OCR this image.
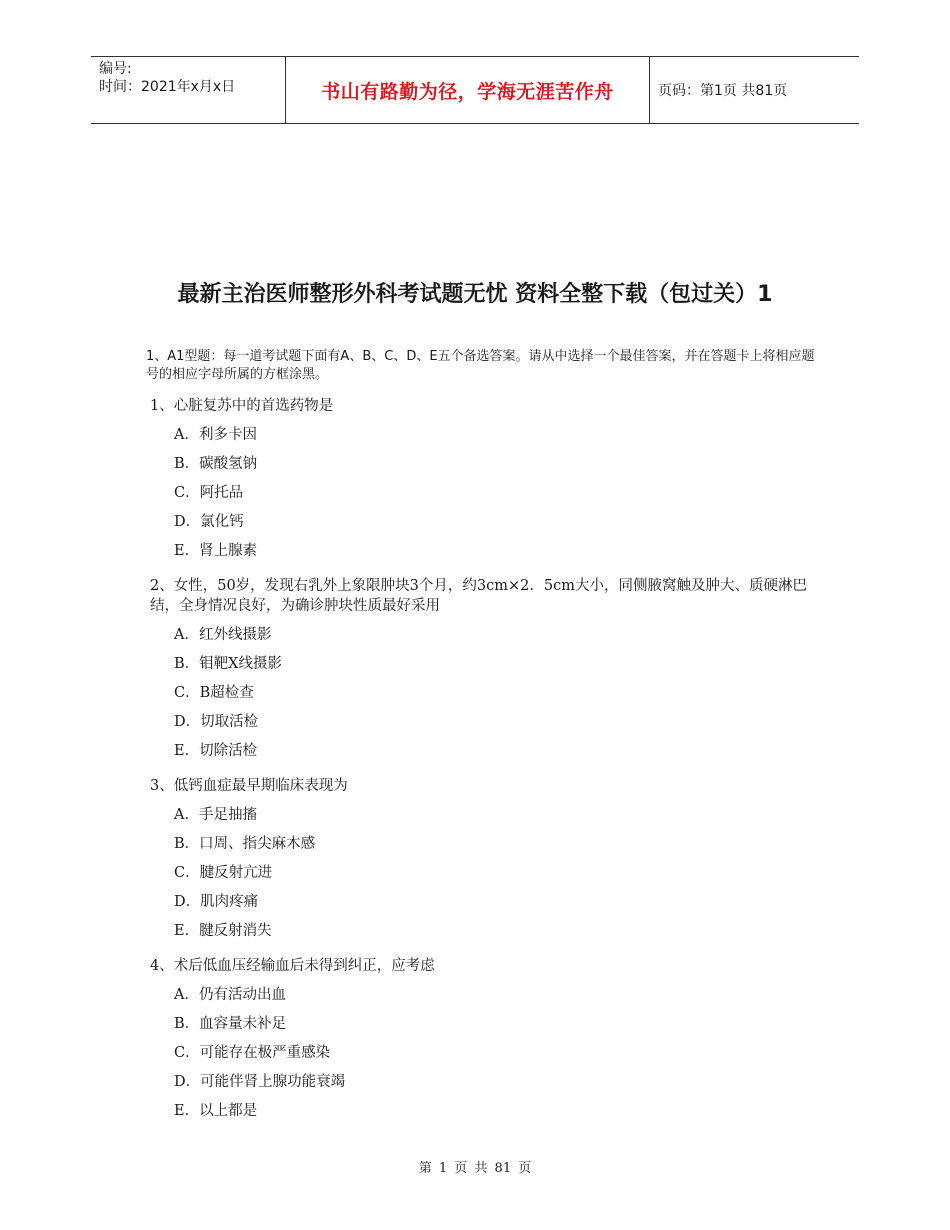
编号:
时间：2021年x月x日	书山有路勤为径，学海无涯苦作舟	页码：第1页 共81页
最新主治医师整形外科考试题无忧 资料全整下载（包过关）1
1、A1型题：每一道考试题下面有A、B、C、D、E五个备选答案。请从中选择一个最佳答案，并在答题卡上将相应题号的相应字母所属的方框涂黑。
1、心脏复苏中的首选药物是
A．利多卡因
B．碳酸氢钠
C．阿托品
D．氯化钙
E．肾上腺素
2、女性，50岁，发现右乳外上象限肿块3个月，约3cm×2．5cm大小，同侧腋窝触及肿大、质硬淋巴结，全身情况良好，为确诊肿块性质最好采用
A．红外线摄影
B．钼靶X线摄影
C．B超检查
D．切取活检
E．切除活检
3、低钙血症最早期临床表现为
A．手足抽搐
B．口周、指尖麻木感
C．腱反射亢进
D．肌肉疼痛
E．腱反射消失
4、术后低血压经输血后未得到纠正，应考虑
A．仍有活动出血
B．血容量未补足
C．可能存在极严重感染
D．可能伴肾上腺功能衰竭
E．以上都是
第 1 页 共 81 页
